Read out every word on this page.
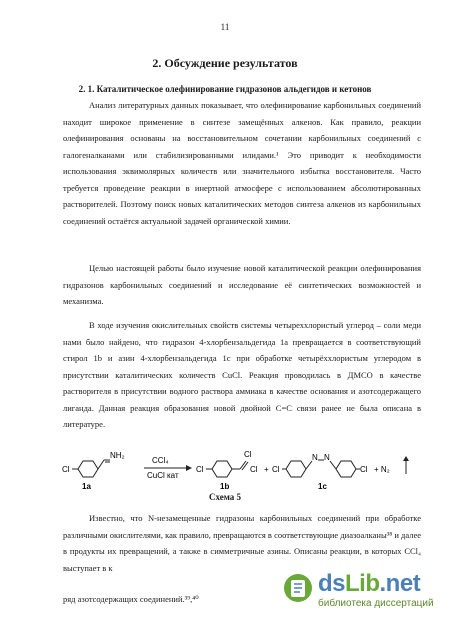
11
2. Обсуждение результатов
2. 1. Каталитическое олефинирование гидразонов альдегидов и кетонов
Анализ литературных данных показывает, что олефинирование карбонильных соединений находит широкое применение в синтезе замещённых алкенов. Как правило, реакции олефинирования основаны на восстановительном сочетании карбонильных соединений с галогеналканами или стабилизированными илидами.¹ Это приводит к необходимости использования эквимолярных количеств или значительного избытка восстановителя. Часто требуется проведение реакции в инертной атмосфере с использованием абсолютированных растворителей. Поэтому поиск новых каталитических методов синтеза алкенов из карбонильных соединений остаётся актуальной задачей органической химии.
Целью настоящей работы было изучение новой каталитической реакции олефинирования гидразонов карбонильных соединений и исследование её синтетических возможностей и механизма.
В ходе изучения окислительных свойств системы четыреххлористый углерод – соли меди нами было найдено, что гидразон 4-хлорбензальдегида 1a превращается в соответствующий стирол 1b и азин 4-хлорбензальдегида 1c при обработке четырёххлористым углеродом в присутствии каталитических количеств CuCl. Реакция проводилась в ДМСО в качестве растворителя в присутствии водного раствора аммиака в качестве основания и азотсодержащего лиганда. Данная реакция образования новой двойной C=C связи ранее не была описана в литературе.
Cl
NH₂
1a
CCl₄
CuCl кат
Cl
Cl
Cl
1b
+ Cl
N N
Cl
1c
+ N₂
Схема 5
Известно, что N-незамещенные гидразоны карбонильных соединений при обработке различными окислителями, как правило, превращаются в соответствующие диазоалканы³⁸ и далее в продукты их превращений, а также в симметричные азины. Описаны реакции, в которых CCl₄ выступает в к
ряд азотсодержащих соединений.³⁹,⁴⁰
dsLib.net
библиотека диссертаций
